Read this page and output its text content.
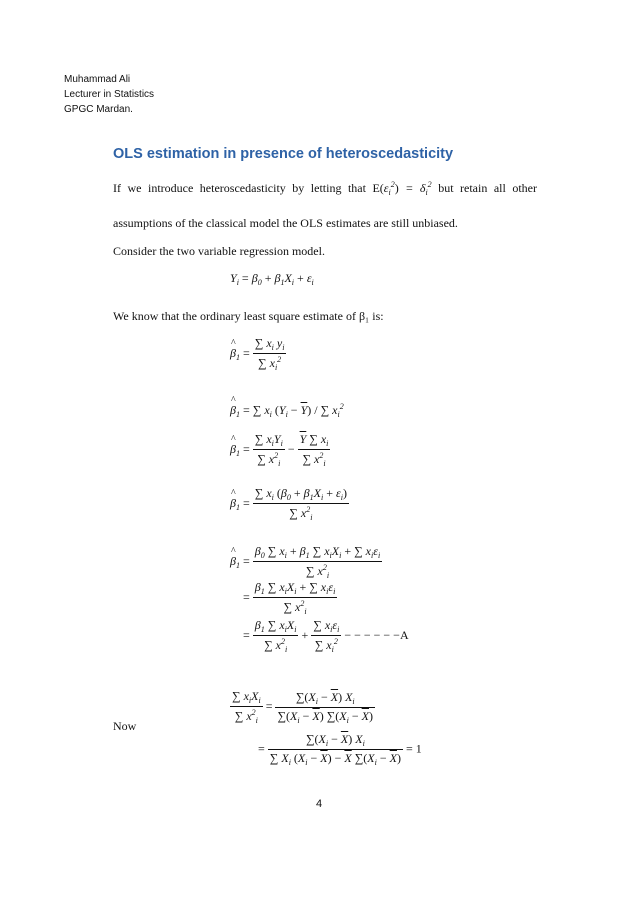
Muhammad Ali
Lecturer in Statistics
GPGC Mardan.
OLS estimation in presence of heteroscedasticity
If we introduce heteroscedasticity by letting that $E(\varepsilon_i^2) = \delta_i^2$ but retain all other
assumptions of the classical model the OLS estimates are still unbiased.
Consider the two variable regression model.
$Y_i = \beta_0 + \beta_1X_i + \varepsilon_i$
We know that the ordinary least square estimate of β₁ is:
^ $\beta_1 = \frac{\sum x_i y_i}{\sum x_i^2}$
^ $\beta_1$ = ∑ $x_i$ $(Y_i - \overline{Y})$ / ∑ $x_i^2$
^ $\beta_1 = \frac{\sum x_iY_i}{\sum x^2_i} - \frac{\overline{Y} \sum x_i}{\sum x^2_i}$
^ $\beta_1 = \frac{\sum x_i (\beta_0 + \beta_1X_i + \varepsilon_i)}{\sum x^2_i}$
^ $\beta_1 = \frac{\beta_0 \sum x_i + \beta_1 \sum x_iX_i + \sum x_i\varepsilon_i}{\sum x^2_i}$
= $\frac{\beta_1 \sum x_iX_i + \sum x_i\varepsilon_i}{\sum x^2_i}$
= $\frac{\beta_1 \sum x_iX_i}{\sum x^2_i} + \frac{\sum x_i\varepsilon_i}{\sum x_i^2}$ − − − − − −A
$\frac{\sum x_iX_i}{\sum x^2_i} = \frac{\sum(X_i - \overline{X}) X_i}{\sum(X_i - \overline{X}) \sum(X_i - \overline{X})}$
Now
= $\frac{\sum(X_i - \overline{X}) X_i}{\sum X_i (X_i - \overline{X}) - \overline{X} \sum(X_i - \overline{X})} = 1$
4
